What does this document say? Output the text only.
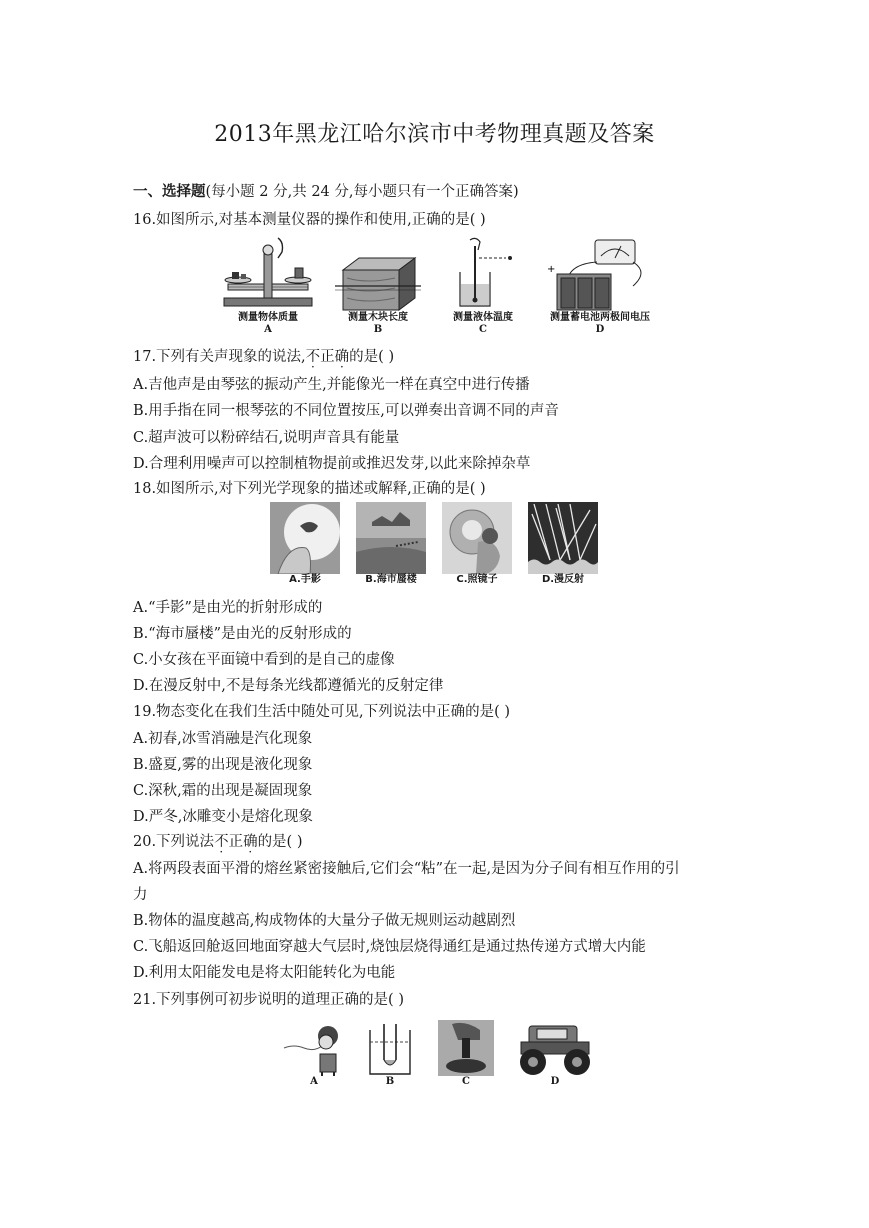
2013年黑龙江哈尔滨市中考物理真题及答案
一、选择题(每小题 2 分,共 24 分,每小题只有一个正确答案)
16.如图所示,对基本测量仪器的操作和使用,正确的是( )
测量物体质量
A
测量木块长度
B
测量液体温度
C
+
测量蓄电池两极间电压
D
17.下列有关声现象的说法,不正确的是( )
A.吉他声是由琴弦的振动产生,并能像光一样在真空中进行传播
B.用手指在同一根琴弦的不同位置按压,可以弹奏出音调不同的声音
C.超声波可以粉碎结石,说明声音具有能量
D.合理利用噪声可以控制植物提前或推迟发芽,以此来除掉杂草
18.如图所示,对下列光学现象的描述或解释,正确的是( )
A.手影	B.海市蜃楼	C.照镜子	D.漫反射
A.“手影”是由光的折射形成的
B.“海市蜃楼”是由光的反射形成的
C.小女孩在平面镜中看到的是自己的虚像
D.在漫反射中,不是每条光线都遵循光的反射定律
19.物态变化在我们生活中随处可见,下列说法中正确的是( )
A.初春,冰雪消融是汽化现象
B.盛夏,雾的出现是液化现象
C.深秋,霜的出现是凝固现象
D.严冬,冰雕变小是熔化现象
20.下列说法不正确的是( )
A.将两段表面平滑的熔丝紧密接触后,它们会“粘”在一起,是因为分子间有相互作用的引
力
B.物体的温度越高,构成物体的大量分子做无规则运动越剧烈
C.飞船返回舱返回地面穿越大气层时,烧蚀层烧得通红是通过热传递方式增大内能
D.利用太阳能发电是将太阳能转化为电能
21.下列事例可初步说明的道理正确的是( )
A	B	C	D
